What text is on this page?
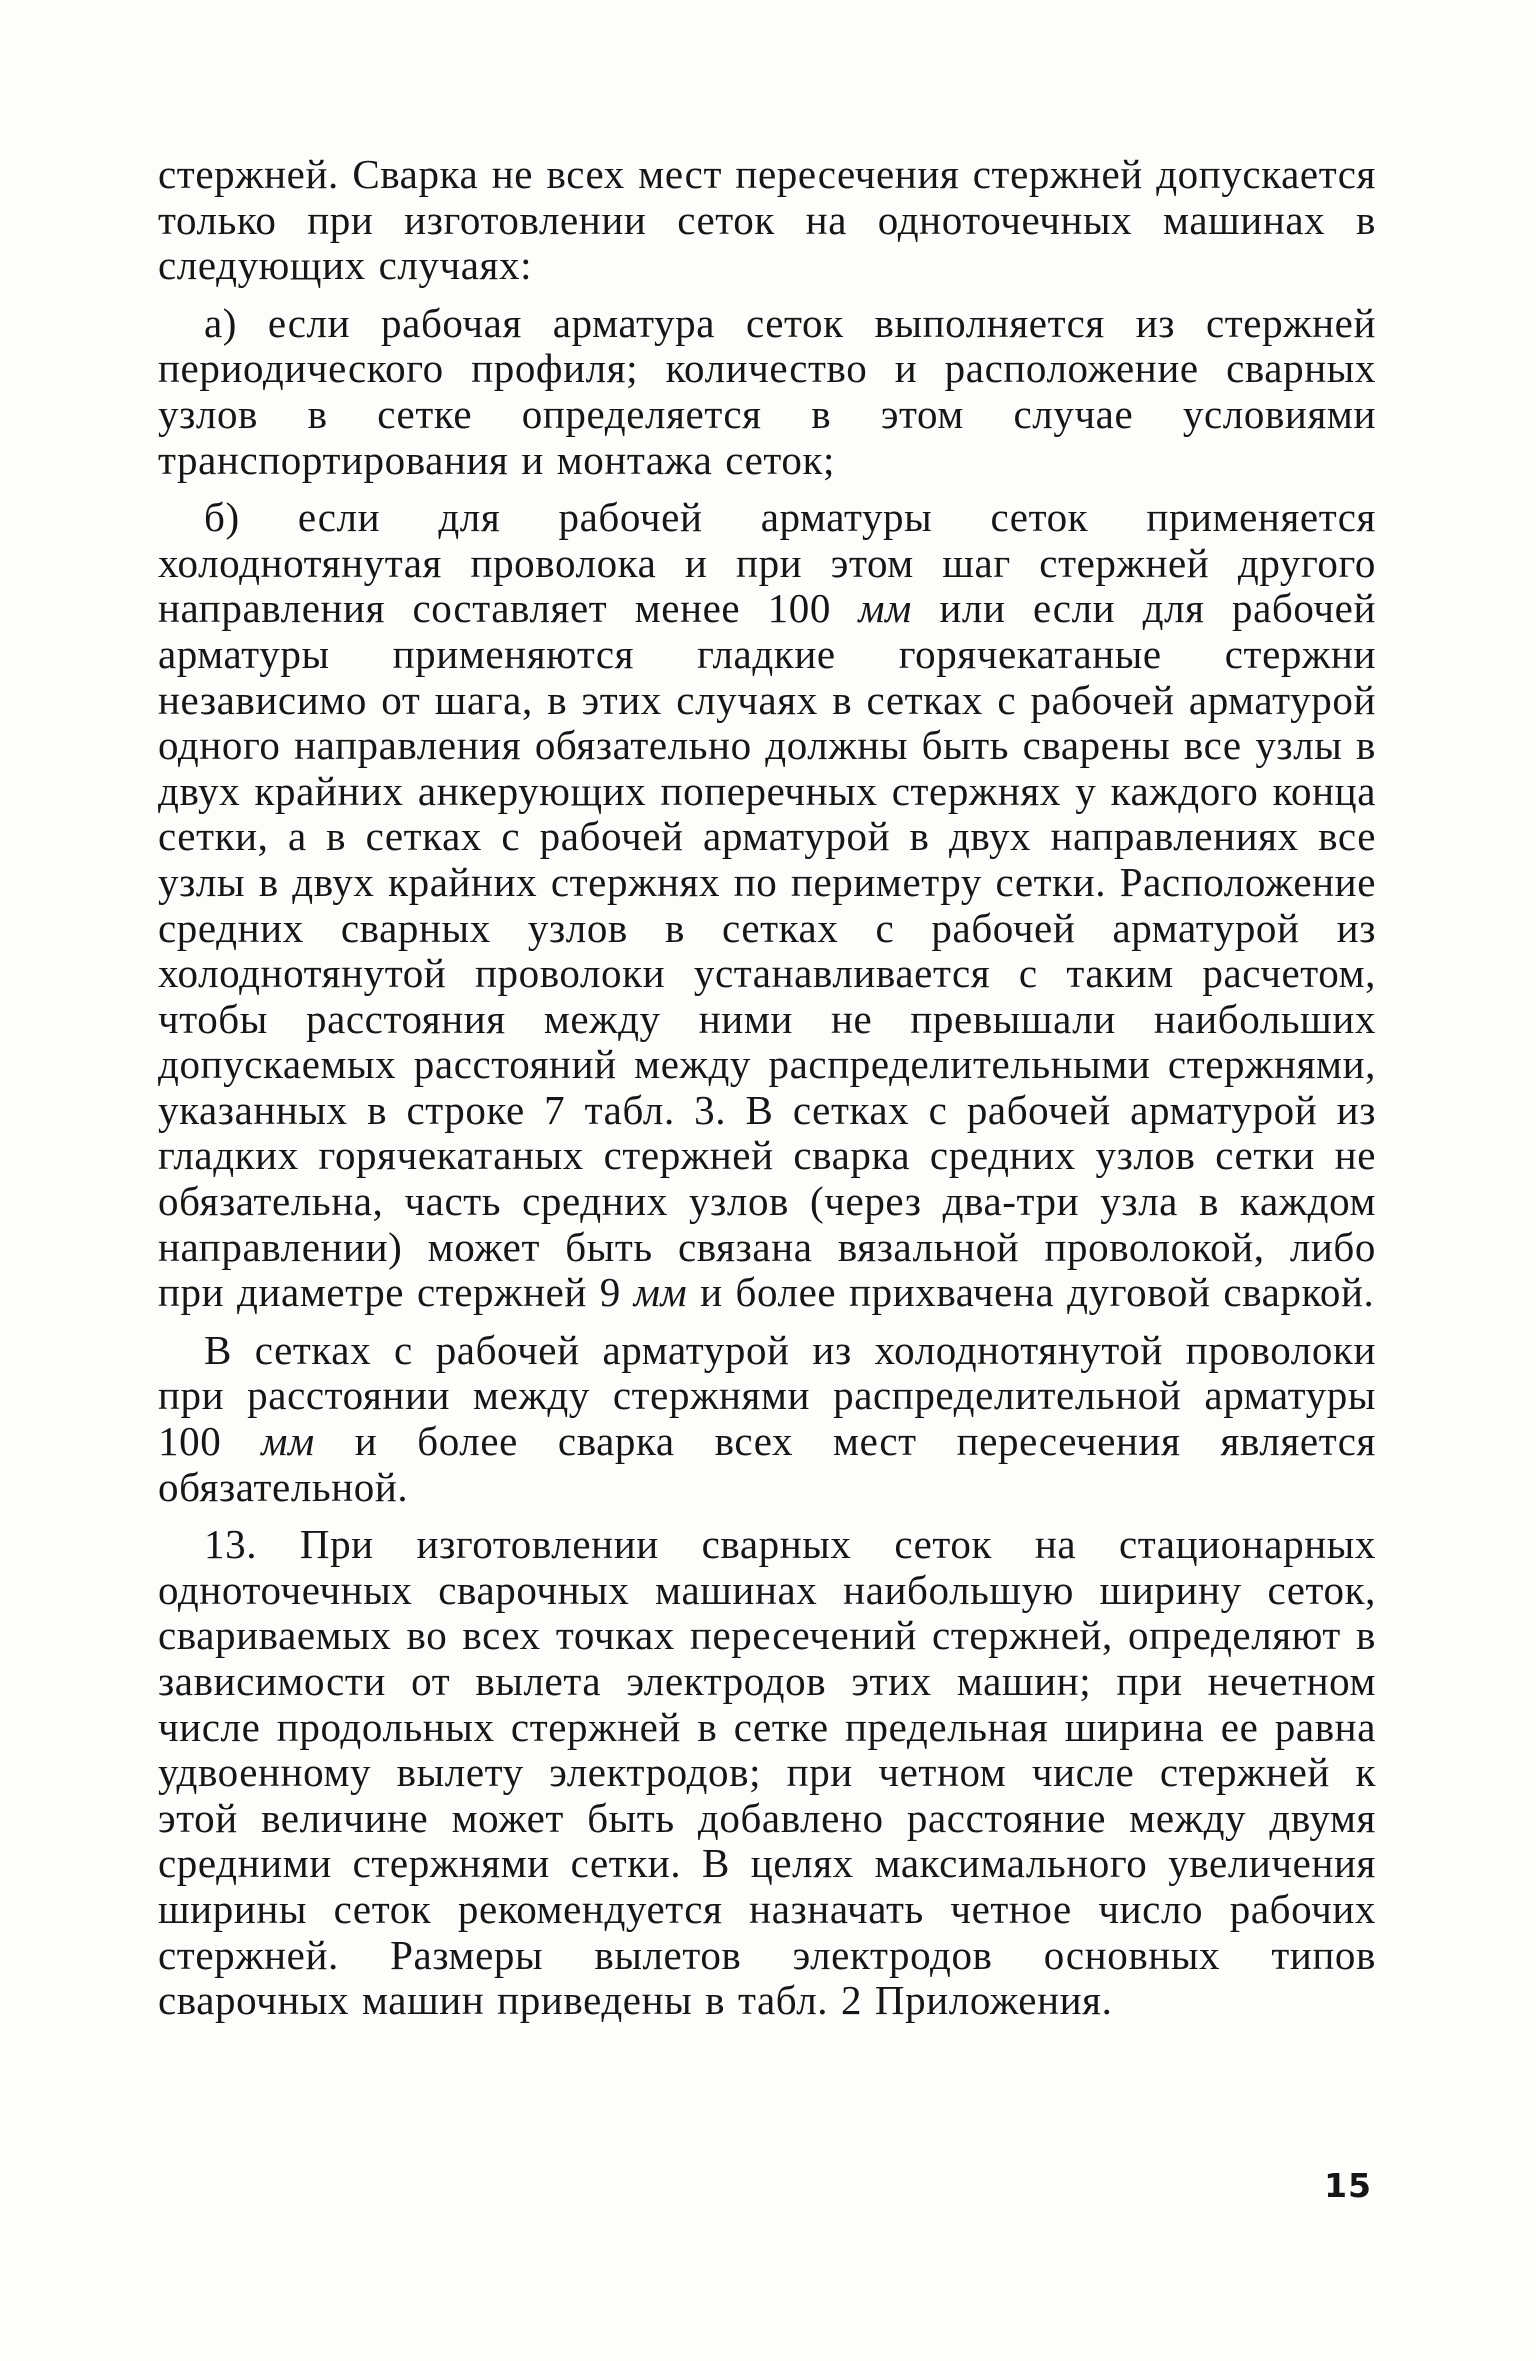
стержней. Сварка не всех мест пересечения стержней допускается только при изготовлении сеток на одноточечных машинах в следующих случаях:

а) если рабочая арматура сеток выполняется из стержней периодического профиля; количество и расположение сварных узлов в сетке определяется в этом случае условиями транспортирования и монтажа сеток;

б) если для рабочей арматуры сеток применяется холоднотянутая проволока и при этом шаг стержней другого направления составляет менее 100 мм или если для рабочей арматуры применяются гладкие горячекатаные стержни независимо от шага, в этих случаях в сетках с рабочей арматурой одного направления обязательно должны быть сварены все узлы в двух крайних анкерующих поперечных стержнях у каждого конца сетки, а в сетках с рабочей арматурой в двух направлениях все узлы в двух крайних стержнях по периметру сетки. Расположение средних сварных узлов в сетках с рабочей арматурой из холоднотянутой проволоки устанавливается с таким расчетом, чтобы расстояния между ними не превышали наибольших допускаемых расстояний между распределительными стержнями, указанных в строке 7 табл. 3. В сетках с рабочей арматурой из гладких горячекатаных стержней сварка средних узлов сетки не обязательна, часть средних узлов (через два-три узла в каждом направлении) может быть связана вязальной проволокой, либо при диаметре стержней 9 мм и более прихвачена дуговой сваркой.

В сетках с рабочей арматурой из холоднотянутой проволоки при расстоянии между стержнями распределительной арматуры 100 мм и более сварка всех мест пересечения является обязательной.

13. При изготовлении сварных сеток на стационарных одноточечных сварочных машинах наибольшую ширину сеток, свариваемых во всех точках пересечений стержней, определяют в зависимости от вылета электродов этих машин; при нечетном числе продольных стержней в сетке предельная ширина ее равна удвоенному вылету электродов; при четном числе стержней к этой величине может быть добавлено расстояние между двумя средними стержнями сетки. В целях максимального увеличения ширины сеток рекомендуется назначать четное число рабочих стержней. Размеры вылетов электродов основных типов сварочных машин приведены в табл. 2 Приложения.

15
